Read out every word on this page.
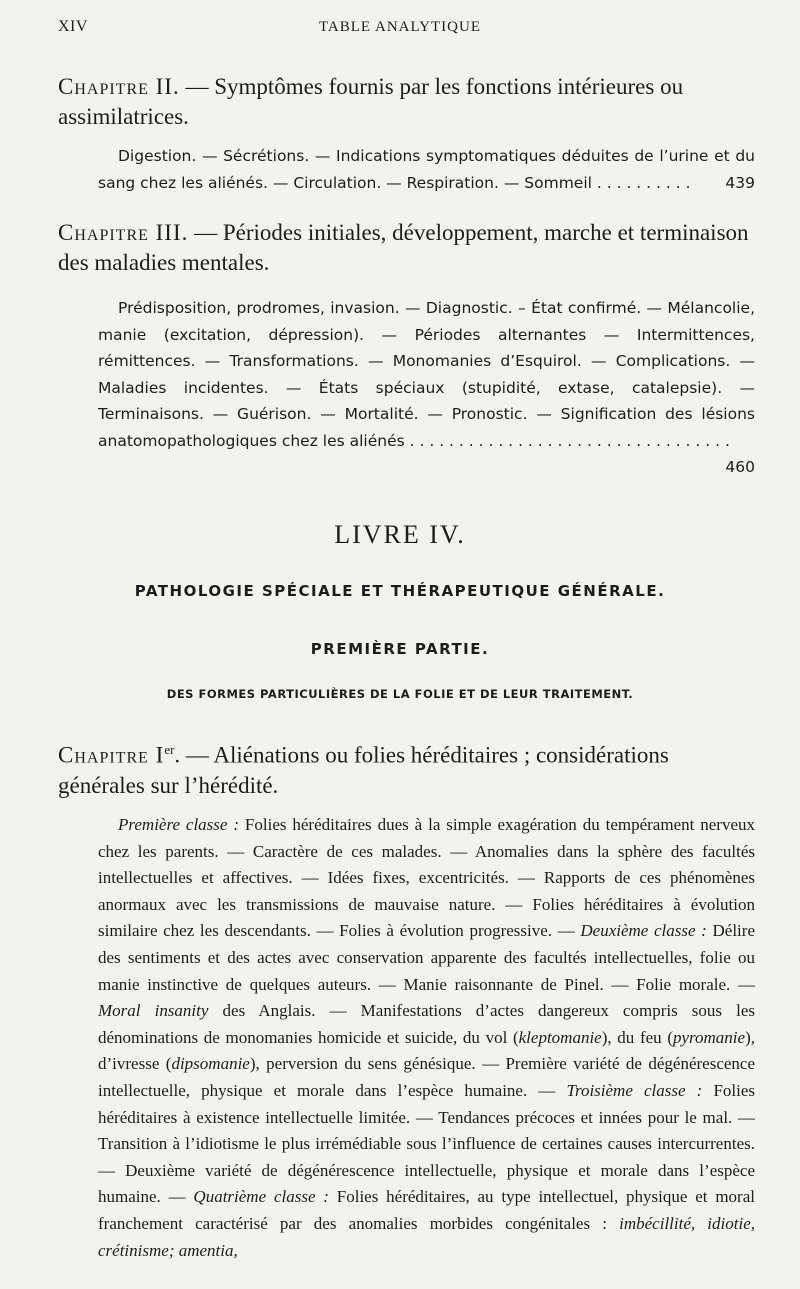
XIV	TABLE ANALYTIQUE
Chapitre II. — Symptômes fournis par les fonctions intérieures ou assimilatrices.
Digestion. — Sécrétions. — Indications symptomatiques déduites de l’urine et du sang chez les aliénés. — Circulation. — Respiration. — Sommeil . . . . . . . . . . 439
Chapitre III. — Périodes initiales, développement, marche et terminaison des maladies mentales.
Prédisposition, prodromes, invasion. — Diagnostic. – État confirmé. — Mélancolie, manie (excitation, dépression). — Périodes alternantes — Intermittences, rémittences. — Transformations. — Monomanies d’Esquirol. — Complications. — Maladies incidentes. — États spéciaux (stupidité, extase, catalepsie). — Terminaisons. — Guérison. — Mortalité. — Pronostic. — Signification des lésions anatomopathologiques chez les aliénés . . . . . . . . . . . . . . . . . . . . . . . . . . . . . . . . .
460
LIVRE IV.
PATHOLOGIE SPÉCIALE ET THÉRAPEUTIQUE GÉNÉRALE.
PREMIÈRE PARTIE.
DES FORMES PARTICULIÈRES DE LA FOLIE ET DE LEUR TRAITEMENT.
Chapitre Ier. — Aliénations ou folies héréditaires ; considérations générales sur l’hérédité.
Première classe : Folies héréditaires dues à la simple exagération du tempérament nerveux chez les parents. — Caractère de ces malades. — Anomalies dans la sphère des facultés intellectuelles et affectives. — Idées fixes, excentricités. — Rapports de ces phénomènes anormaux avec les transmissions de mauvaise nature. — Folies héréditaires à évolution similaire chez les descendants. — Folies à évolution progressive. — Deuxième classe : Délire des sentiments et des actes avec conservation apparente des facultés intellectuelles, folie ou manie instinctive de quelques auteurs. — Manie raisonnante de Pinel. — Folie morale. — Moral insanity des Anglais. — Manifestations d’actes dangereux compris sous les dénominations de monomanies homicide et suicide, du vol (kleptomanie), du feu (pyromanie), d’ivresse (dipsomanie), perversion du sens génésique. — Première variété de dégénérescence intellectuelle, physique et morale dans l’espèce humaine. — Troisième classe : Folies héréditaires à existence intellectuelle limitée. — Tendances précoces et innées pour le mal. — Transition à l’idiotisme le plus irrémédiable sous l’influence de certaines causes intercurrentes. — Deuxième variété de dégénérescence intellectuelle, physique et morale dans l’espèce humaine. — Quatrième classe : Folies héréditaires, au type intellectuel, physique et moral franchement caractérisé par des anomalies morbides congénitales : imbécillité, idiotie, crétinisme; amentia,
